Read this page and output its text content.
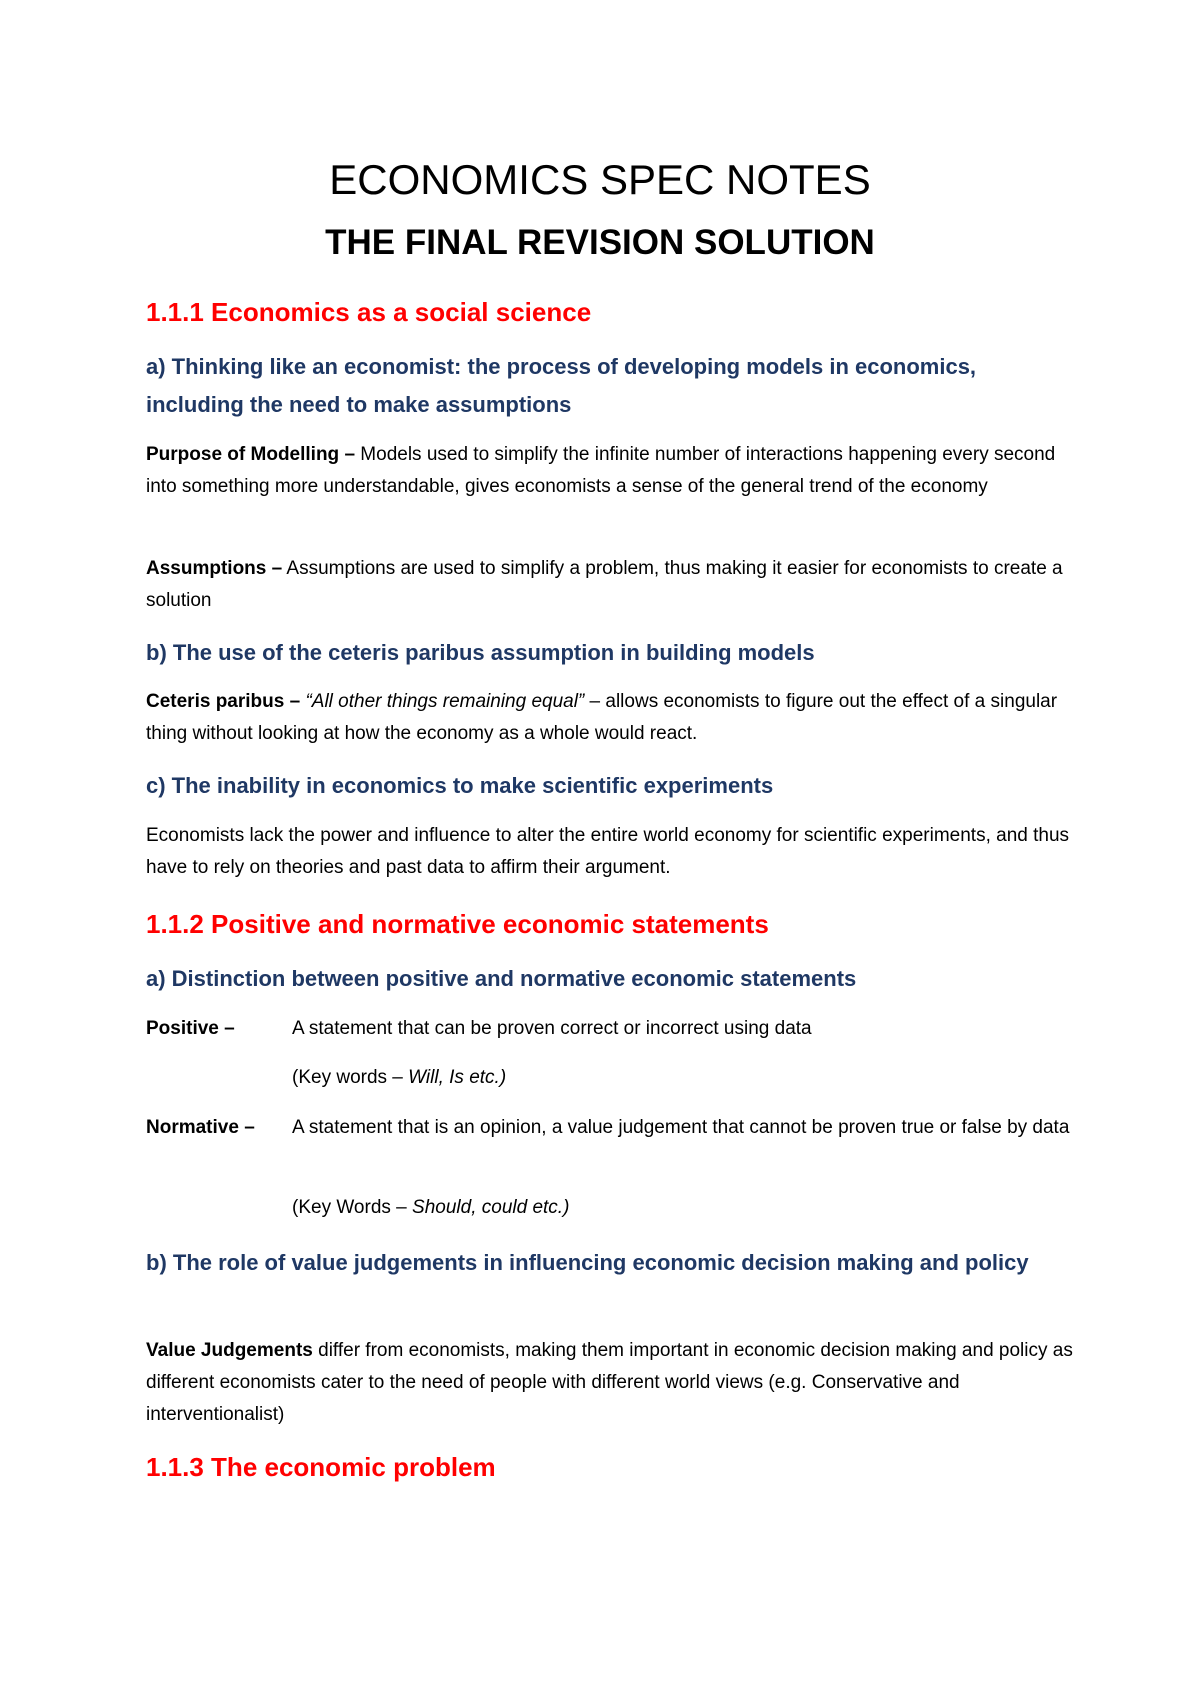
ECONOMICS SPEC NOTES
THE FINAL REVISION SOLUTION
1.1.1 Economics as a social science
a) Thinking like an economist: the process of developing models in economics, including the need to make assumptions
Purpose of Modelling – Models used to simplify the infinite number of interactions happening every second into something more understandable, gives economists a sense of the general trend of the economy
Assumptions – Assumptions are used to simplify a problem, thus making it easier for economists to create a solution
b) The use of the ceteris paribus assumption in building models
Ceteris paribus – “All other things remaining equal” – allows economists to figure out the effect of a singular thing without looking at how the economy as a whole would react.
c) The inability in economics to make scientific experiments
Economists lack the power and influence to alter the entire world economy for scientific experiments, and thus have to rely on theories and past data to affirm their argument.
1.1.2 Positive and normative economic statements
a) Distinction between positive and normative economic statements
Positive –	A statement that can be proven correct or incorrect using data
(Key words – Will, Is etc.)
Normative – A statement that is an opinion, a value judgement that cannot be proven true or false by data
(Key Words – Should, could etc.)
b) The role of value judgements in influencing economic decision making and policy
Value Judgements differ from economists, making them important in economic decision making and policy as different economists cater to the need of people with different world views (e.g. Conservative and interventionalist)
1.1.3 The economic problem
